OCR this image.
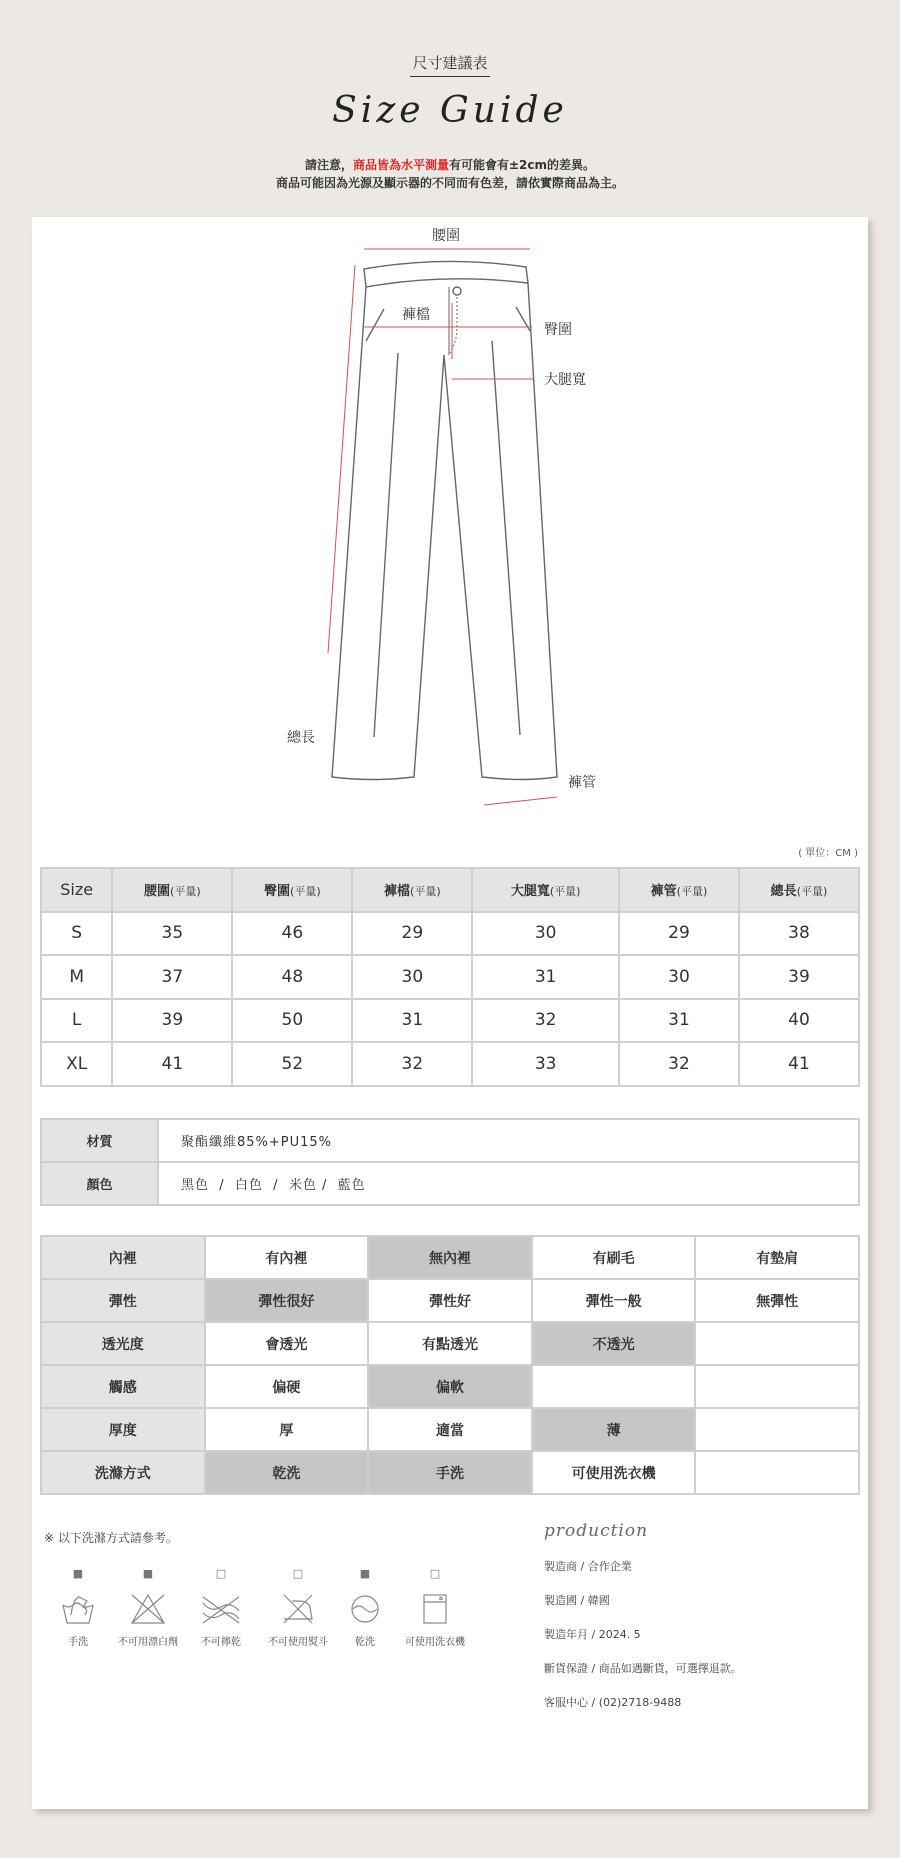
尺寸建議表
Size Guide
請注意，商品皆為水平測量有可能會有±2cm的差異。
商品可能因為光源及顯示器的不同而有色差，請依實際商品為主。
腰圍
褲檔
臀圍
大腿寬
總長
褲管
( 單位：CM )
Size	腰圍(平量)	臀圍(平量)	褲檔(平量)	大腿寬(平量)	褲管(平量)	總長(平量)
S	35	46	29	30	29	38
M	37	48	30	31	30	39
L	39	50	31	32	31	40
XL	41	52	32	33	32	41
材質	聚酯纖維85%+PU15%
顏色	黑色  /  白色  /  米色 /  藍色
內裡	有內裡	無內裡	有刷毛	有墊肩
彈性	彈性很好	彈性好	彈性一般	無彈性
透光度	會透光	有點透光	不透光	
觸感	偏硬	偏軟		
厚度	厚	適當	薄	
洗滌方式	乾洗	手洗	可使用洗衣機	
※ 以下洗滌方式請參考。
■
手洗
■
不可用漂白劑
□
不可擰乾
□
不可使用熨斗
■
乾洗
□
可使用洗衣機
production
製造商 / 合作企業
製造國 / 韓國
製造年月 / 2024. 5
斷貨保證 / 商品如遇斷貨，可選擇退款。
客服中心 / (02)2718-9488
